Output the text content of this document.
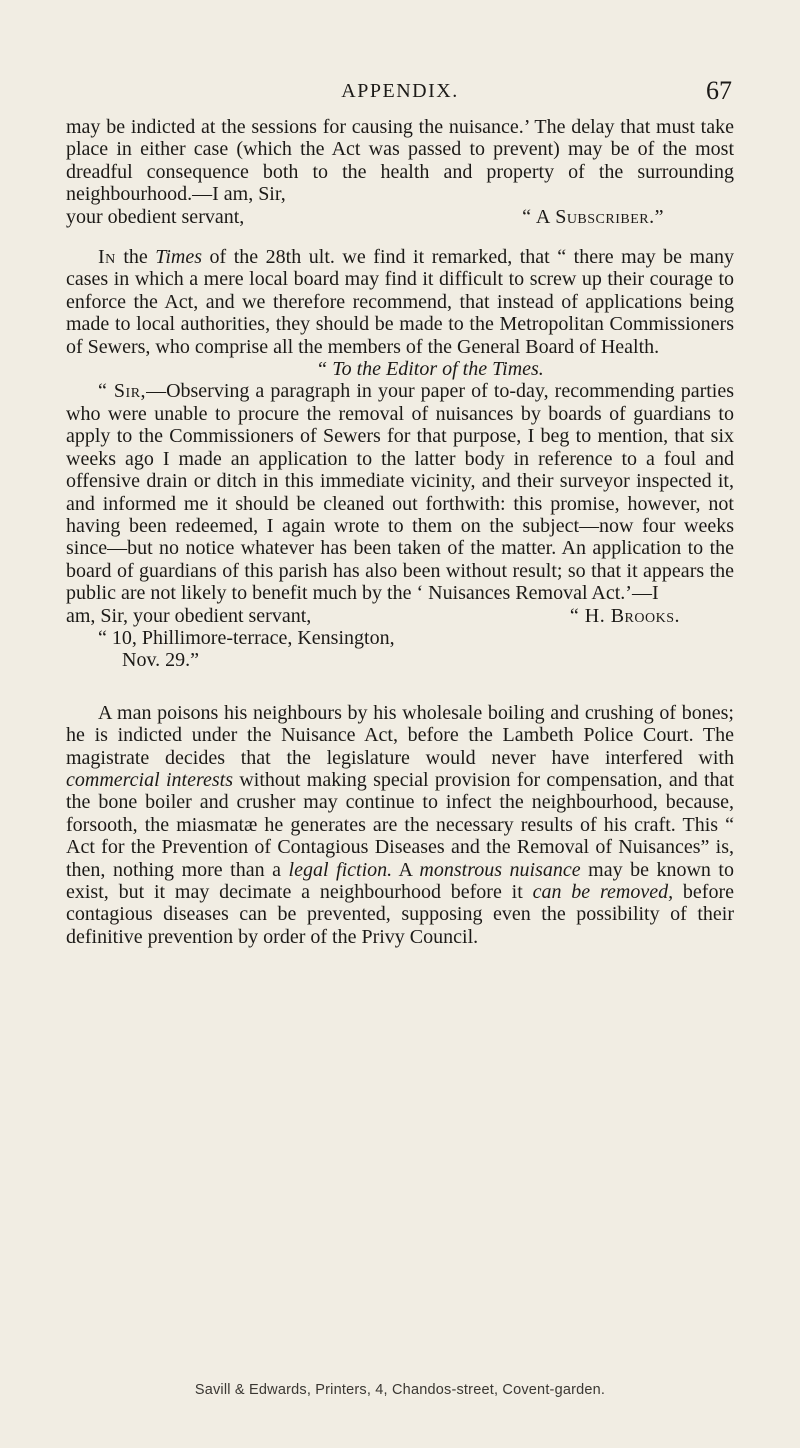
APPENDIX.	67

may be indicted at the sessions for causing the nuisance.’ The delay that must take place in either case (which the Act was passed to prevent) may be of the most dreadful consequence both to the health and property of the surrounding neighbourhood.—I am, Sir,

your obedient servant,	“ A Subscriber.”

In the Times of the 28th ult. we find it remarked, that “ there may be many cases in which a mere local board may find it difficult to screw up their courage to enforce the Act, and we therefore recommend, that instead of applications being made to local authorities, they should be made to the Metropolitan Commissioners of Sewers, who comprise all the members of the General Board of Health.

“ To the Editor of the Times.

“ Sir,—Observing a paragraph in your paper of to-day, recommending parties who were unable to procure the removal of nuisances by boards of guardians to apply to the Commissioners of Sewers for that purpose, I beg to mention, that six weeks ago I made an application to the latter body in reference to a foul and offensive drain or ditch in this immediate vicinity, and their surveyor inspected it, and informed me it should be cleaned out forthwith: this promise, however, not having been redeemed, I again wrote to them on the subject—now four weeks since—but no notice whatever has been taken of the matter. An application to the board of guardians of this parish has also been without result; so that it appears the public are not likely to benefit much by the ‘ Nuisances Removal Act.’—I

am, Sir, your obedient servant,	“ H. Brooks.
“ 10, Phillimore-terrace, Kensington,
Nov. 29.”

A man poisons his neighbours by his wholesale boiling and crushing of bones; he is indicted under the Nuisance Act, before the Lambeth Police Court. The magistrate decides that the legislature would never have interfered with commercial interests without making special provision for compensation, and that the bone boiler and crusher may continue to infect the neighbourhood, because, forsooth, the miasmatæ he generates are the necessary results of his craft. This “ Act for the Prevention of Contagious Diseases and the Removal of Nuisances” is, then, nothing more than a legal fiction. A monstrous nuisance may be known to exist, but it may decimate a neighbourhood before it can be removed, before contagious diseases can be prevented, supposing even the possibility of their definitive prevention by order of the Privy Council.

Savill & Edwards, Printers, 4, Chandos-street, Covent-garden.
